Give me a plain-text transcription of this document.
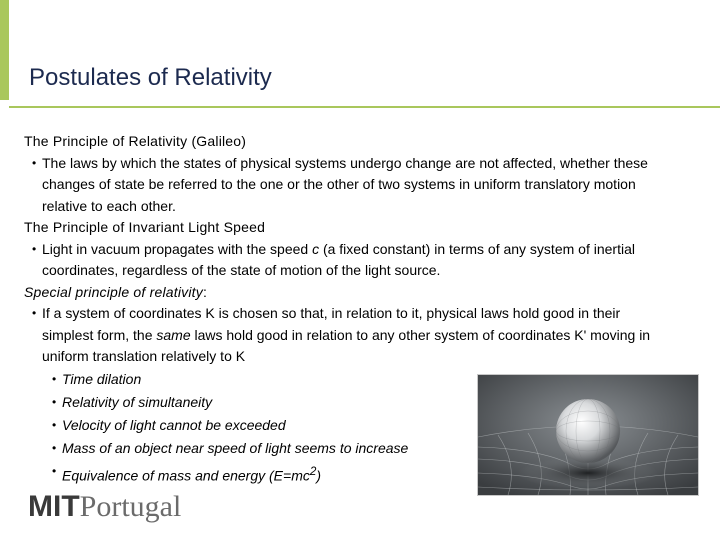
Postulates of Relativity
The Principle of Relativity (Galileo)
• The laws by which the states of physical systems undergo change are not affected, whether these changes of state be referred to the one or the other of two systems in uniform translatory motion relative to each other.
The Principle of Invariant Light Speed
• Light in vacuum propagates with the speed c (a fixed constant) in terms of any system of inertial coordinates, regardless of the state of motion of the light source.
Special principle of relativity:
• If a system of coordinates K is chosen so that, in relation to it, physical laws hold good in their simplest form, the same laws hold good in relation to any other system of coordinates K' moving in uniform translation relatively to K
• Time dilation
• Relativity of simultaneity
• Velocity of light cannot be exceeded
• Mass of an object near speed of light seems to increase
• Equivalence of mass and energy $(E=mc^2)$
MITPortugal
